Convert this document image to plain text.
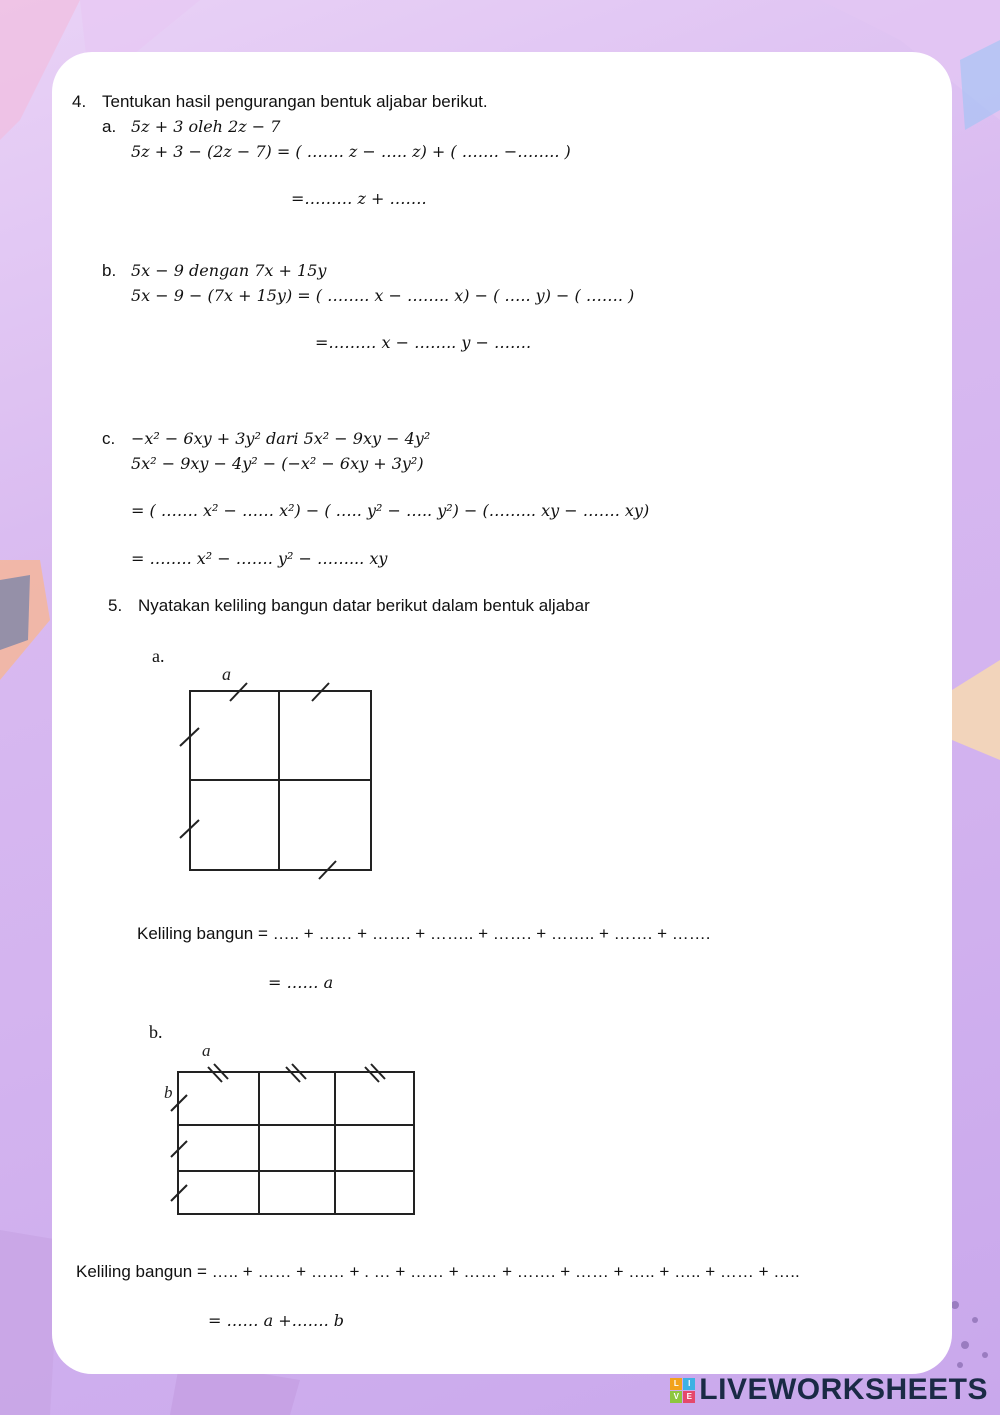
4. Tentukan hasil pengurangan bentuk aljabar berikut.
a. 5z + 3 oleh 2z − 7
5z + 3 − (2z − 7) = ( ……. z − ….. z) + ( ……. −…….. )
=……… z + …….
b. 5x − 9 dengan 7x + 15y
5x − 9 − (7x + 15y) = ( …….. x − …….. x) − ( ….. y) − ( ……. )
=……… x − …….. y − …….
c. −x² − 6xy + 3y² dari 5x² − 9xy − 4y²
5x² − 9xy − 4y² − (−x² − 6xy + 3y²)
= ( ……. x² − …… x²) − ( ….. y² − ….. y²) − (……... xy − ……. xy)
= …….. x² − ……. y² − ……... xy
5. Nyatakan keliling bangun datar berikut dalam bentuk aljabar
a.
a
Keliling bangun = ….. + …… + ……. + …….. + ……. + …….. + ……. + …….
= …… a
b.
a
b
Keliling bangun = ….. + …… + …… + . … + …… + …… + ……. + …… + ….. + ….. + …… + …..
= …… a +……. b
L	I
V E LIVEWORKSHEETS
